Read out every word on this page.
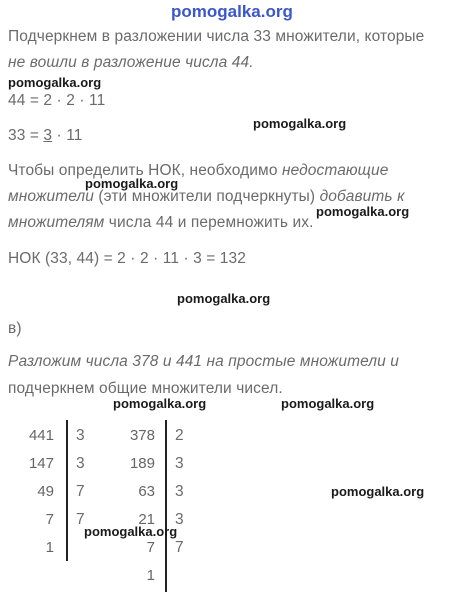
pomogalka.org
Подчеркнем в разложении числа 33 множители, которые
не вошли в разложение числа 44.
pomogalka.org
44 = 2 · 2 · 11
pomogalka.org
33 = 3 · 11
Чтобы определить НОК, необходимо недостающие
pomogalka.org
множители (эти множители подчеркнуты) добавить к
pomogalka.org
множителям числа 44 и перемножить их.
НОК (33, 44) = 2 · 2 · 11 · 3 = 132
pomogalka.org
в)
Разложим числа 378 и 441 на простые множители и
подчеркнем общие множители чисел.
pomogalka.org	pomogalka.org
441
147
49
7
1
3
3
7
7
378
189
63
21
7
1
2
3
3
3
7
pomogalka.org
pomogalka.org
